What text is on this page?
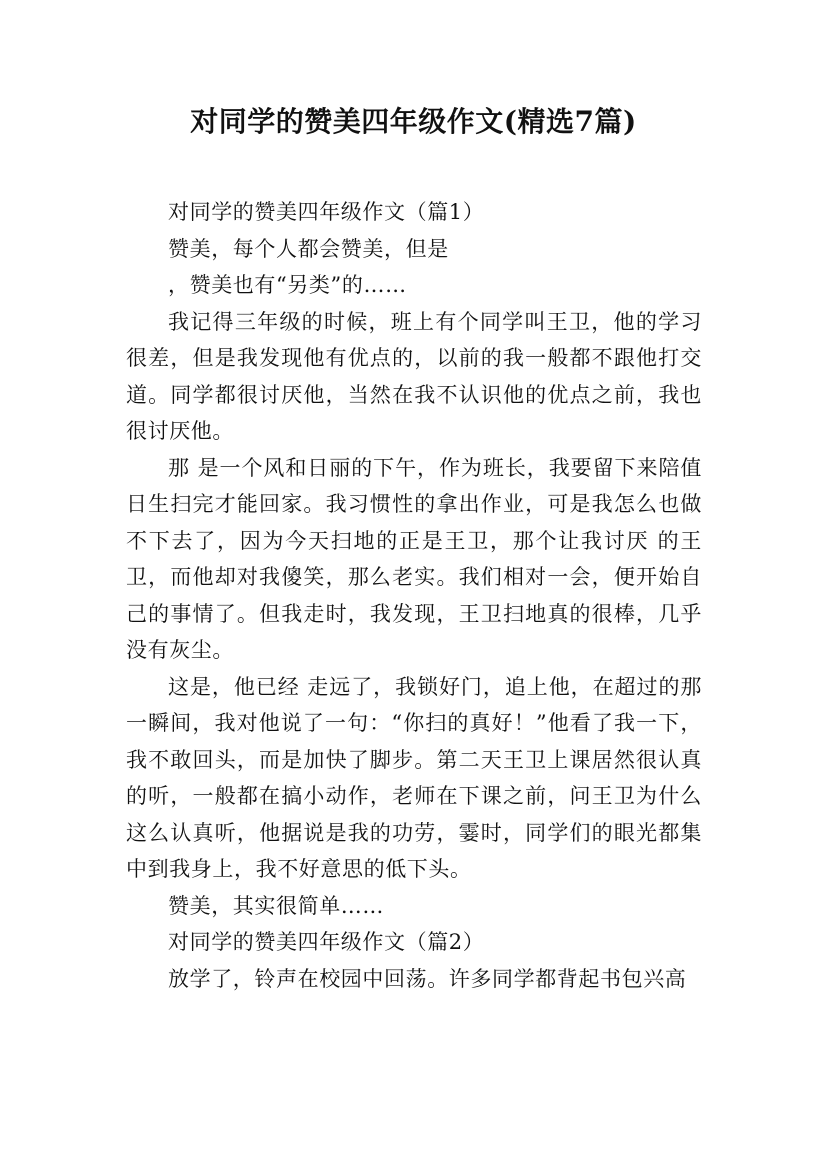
对同学的赞美四年级作文(精选7篇)

对同学的赞美四年级作文（篇1）

赞美，每个人都会赞美，但是

，赞美也有“另类”的……

我记得三年级的时候，班上有个同学叫王卫，他的学习很差，但是我发现他有优点的，以前的我一般都不跟他打交道。同学都很讨厌他，当然在我不认识他的优点之前，我也很讨厌他。

那 是一个风和日丽的下午，作为班长，我要留下来陪值日生扫完才能回家。我习惯性的拿出作业，可是我怎么也做不下去了，因为今天扫地的正是王卫，那个让我讨厌 的王卫，而他却对我傻笑，那么老实。我们相对一会，便开始自己的事情了。但我走时，我发现，王卫扫地真的很棒，几乎没有灰尘。

这是，他已经 走远了，我锁好门，追上他，在超过的那一瞬间，我对他说了一句：“你扫的真好！”他看了我一下，我不敢回头，而是加快了脚步。第二天王卫上课居然很认真的听，一般都在搞小动作，老师在下课之前，问王卫为什么这么认真听，他据说是我的功劳，霎时，同学们的眼光都集中到我身上，我不好意思的低下头。

赞美，其实很简单……

对同学的赞美四年级作文（篇2）

放学了，铃声在校园中回荡。许多同学都背起书包兴高
